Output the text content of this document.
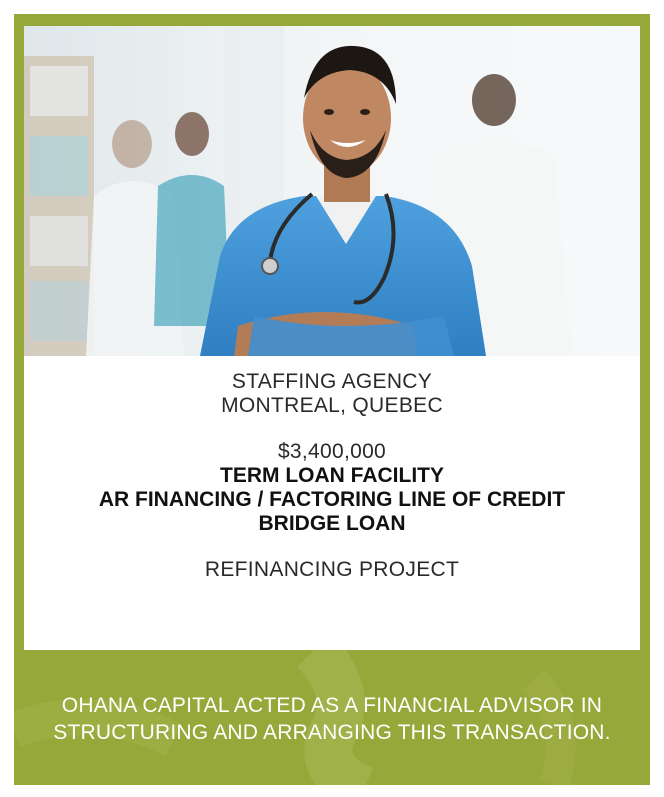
STAFFING AGENCY
MONTREAL, QUEBEC
$3,400,000
TERM LOAN FACILITY
AR FINANCING / FACTORING LINE OF CREDIT
BRIDGE LOAN
REFINANCING PROJECT
OHANA CAPITAL ACTED AS A FINANCIAL ADVISOR IN
STRUCTURING AND ARRANGING THIS TRANSACTION.
